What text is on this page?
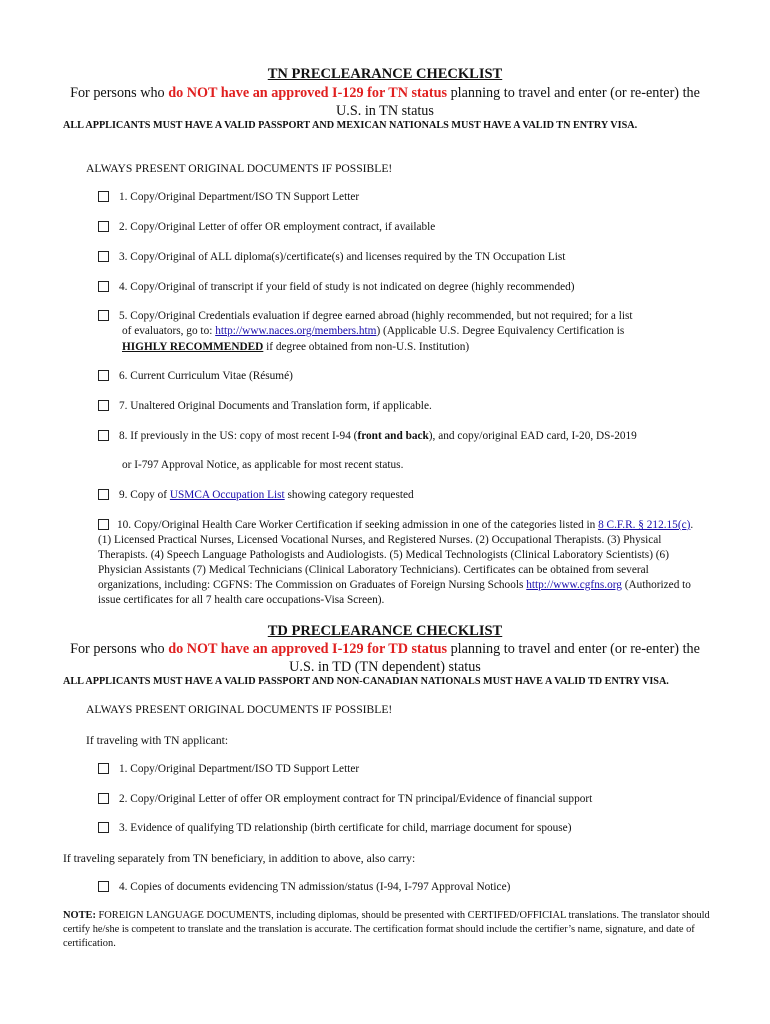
TN PRECLEARANCE CHECKLIST
For persons who do NOT have an approved I-129 for TN status planning to travel and enter (or re-enter) the U.S. in TN status
ALL APPLICANTS MUST HAVE A VALID PASSPORT AND MEXICAN NATIONALS MUST HAVE A VALID TN ENTRY VISA.
ALWAYS PRESENT ORIGINAL DOCUMENTS IF POSSIBLE!
1. Copy/Original Department/ISO TN Support Letter
2. Copy/Original Letter of offer OR employment contract, if available
3. Copy/Original of ALL diploma(s)/certificate(s) and licenses required by the TN Occupation List
4. Copy/Original of transcript if your field of study is not indicated on degree (highly recommended)
5. Copy/Original Credentials evaluation if degree earned abroad (highly recommended, but not required; for a list
of evaluators, go to: http://www.naces.org/members.htm) (Applicable U.S. Degree Equivalency Certification is
HIGHLY RECOMMENDED if degree obtained from non-U.S. Institution)
6. Current Curriculum Vitae (Résumé)
7. Unaltered Original Documents and Translation form, if applicable.
8. If previously in the US: copy of most recent I-94 (front and back), and copy/original EAD card, I-20, DS-2019
or I-797 Approval Notice, as applicable for most recent status.
9. Copy of USMCA Occupation List showing category requested
10. Copy/Original Health Care Worker Certification if seeking admission in one of the categories listed in 8 C.F.R. § 212.15(c). (1) Licensed Practical Nurses, Licensed Vocational Nurses, and Registered Nurses. (2) Occupational Therapists. (3) Physical Therapists. (4) Speech Language Pathologists and Audiologists. (5) Medical Technologists (Clinical Laboratory Scientists) (6) Physician Assistants (7) Medical Technicians (Clinical Laboratory Technicians). Certificates can be obtained from several organizations, including: CGFNS: The Commission on Graduates of Foreign Nursing Schools http://www.cgfns.org (Authorized to issue certificates for all 7 health care occupations-Visa Screen).
TD PRECLEARANCE CHECKLIST
For persons who do NOT have an approved I-129 for TD status planning to travel and enter (or re-enter) the U.S. in TD (TN dependent) status
ALL APPLICANTS MUST HAVE A VALID PASSPORT AND NON-CANADIAN NATIONALS MUST HAVE A VALID TD ENTRY VISA.
ALWAYS PRESENT ORIGINAL DOCUMENTS IF POSSIBLE!
If traveling with TN applicant:
1. Copy/Original Department/ISO TD Support Letter
2. Copy/Original Letter of offer OR employment contract for TN principal/Evidence of financial support
3. Evidence of qualifying TD relationship (birth certificate for child, marriage document for spouse)
If traveling separately from TN beneficiary, in addition to above, also carry:
4. Copies of documents evidencing TN admission/status (I-94, I-797 Approval Notice)
NOTE: FOREIGN LANGUAGE DOCUMENTS, including diplomas, should be presented with CERTIFED/OFFICIAL translations. The translator should certify he/she is competent to translate and the translation is accurate. The certification format should include the certifier’s name, signature, and date of certification.
